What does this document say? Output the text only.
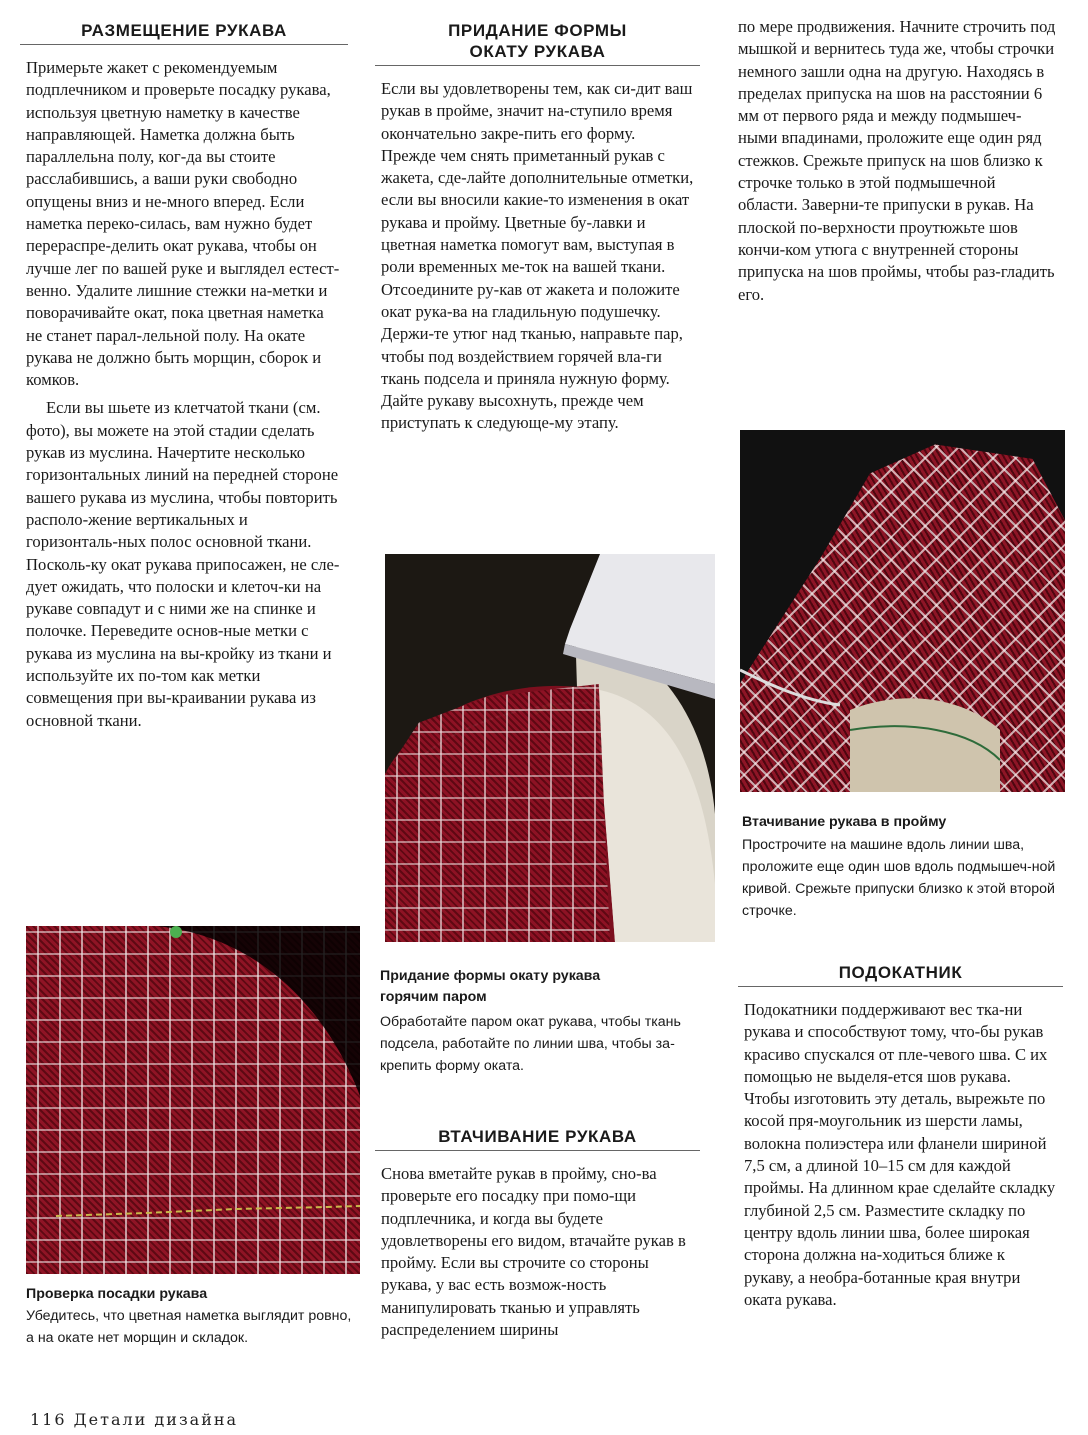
РАЗМЕЩЕНИЕ РУКАВА

Примерьте жакет с рекомендуемым подплечником и проверьте посадку рукава, используя цветную наметку в качестве направляющей. Наметка должна быть параллельна полу, ког-да вы стоите расслабившись, а ваши руки свободно опущены вниз и не-много вперед. Если наметка переко-силась, вам нужно будет перераспре-делить окат рукава, чтобы он лучше лег по вашей руке и выглядел естест-венно. Удалите лишние стежки на-метки и поворачивайте окат, пока цветная наметка не станет парал-лельной полу. На окате рукава не должно быть морщин, сборок и комков.

Если вы шьете из клетчатой ткани (см. фото), вы можете на этой стадии сделать рукав из муслина. Начертите несколько горизонтальных линий на передней стороне вашего рукава из муслина, чтобы повторить располо-жение вертикальных и горизонталь-ных полос основной ткани. Посколь-ку окат рукава припосажен, не сле-дует ожидать, что полоски и клеточ-ки на рукаве совпадут и с ними же на спинке и полочке. Переведите основ-ные метки с рукава из муслина на вы-кройку из ткани и используйте их по-том как метки совмещения при вы-краивании рукава из основной ткани.

Проверка посадки рукава
Убедитесь, что цветная наметка выглядит ровно, а на окате нет морщин и складок.
ПРИДАНИЕ ФОРМЫ
ОКАТУ РУКАВА

Если вы удовлетворены тем, как си-дит ваш рукав в пройме, значит на-ступило время окончательно закре-пить его форму. Прежде чем снять приметанный рукав с жакета, сде-лайте дополнительные отметки, если вы вносили какие-то изменения в окат рукава и пройму. Цветные бу-лавки и цветная наметка помогут вам, выступая в роли временных ме-ток на вашей ткани. Отсоедините ру-кав от жакета и положите окат рука-ва на гладильную подушечку. Держи-те утюг над тканью, направьте пар, чтобы под воздействием горячей вла-ги ткань подсела и приняла нужную форму. Дайте рукаву высохнуть, прежде чем приступать к следующе-му этапу.

Придание формы окату рукава
горячим паром
Обработайте паром окат рукава, чтобы ткань подсела, работайте по линии шва, чтобы за-крепить форму оката.
ВТАЧИВАНИЕ РУКАВА

Снова вметайте рукав в пройму, сно-ва проверьте его посадку при помо-щи подплечника, и когда вы будете удовлетворены его видом, втачайте рукав в пройму. Если вы строчите со стороны рукава, у вас есть возмож-ность манипулировать тканью и управлять распределением ширины

по мере продвижения. Начните строчить под мышкой и вернитесь туда же, чтобы строчки немного зашли одна на другую. Находясь в пределах припуска на шов на расстоянии 6 мм от первого ряда и между подмышеч-ными впадинами, проложите еще один ряд стежков. Срежьте припуск на шов близко к строчке только в этой подмышечной области. Заверни-те припуски в рукав. На плоской по-верхности проутюжьте шов кончи-ком утюга с внутренней стороны припуска на шов проймы, чтобы раз-гладить его.

Втачивание рукава в пройму
Прострочите на машине вдоль линии шва, проложите еще один шов вдоль подмышеч-ной кривой. Срежьте припуски близко к этой второй строчке.
ПОДОКАТНИК

Подокатники поддерживают вес тка-ни рукава и способствуют тому, что-бы рукав красиво спускался от пле-чевого шва. С их помощью не выделя-ется шов рукава. Чтобы изготовить эту деталь, вырежьте по косой пря-моугольник из шерсти ламы, волокна полиэстера или фланели шириной 7,5 см, а длиной 10–15 см для каждой проймы. На длинном крае сделайте складку глубиной 2,5 см. Разместите складку по центру вдоль линии шва, более широкая сторона должна на-ходиться ближе к рукаву, а необра-ботанные края внутри оката рукава.

116 Детали дизайна
